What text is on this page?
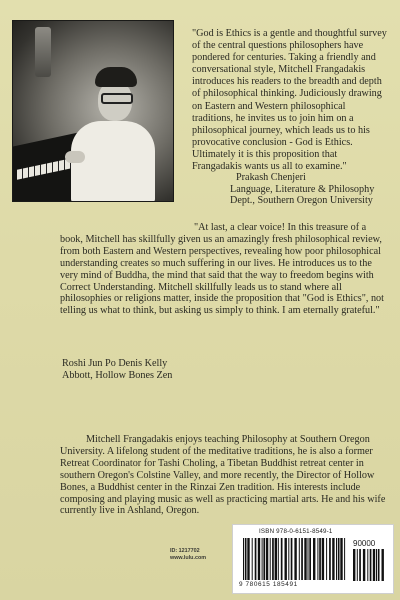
"God is Ethics is a gentle and thoughtful survey of the central questions philosophers have pondered for centuries. Taking a friendly and conversational style, Mitchell Frangadakis introduces his readers to the breadth and depth of philosophical thinking. Judiciously drawing on Eastern and Western philosophical traditions, he invites us to join him on a philosophical journey, which leads us to his provocative conclusion - God is Ethics. Ultimately it is this proposition that Frangadakis wants us all to examine."

Prakash Chenjeri
Language, Literature & Philosophy
Dept., Southern Oregon University

"At last, a clear voice! In this treasure of a book, Mitchell has skillfully given us an amazingly fresh philosophical review, from both Eastern and Western perspectives, revealing how poor philosophical understanding creates so much suffering in our lives. He introduces us to the very mind of Buddha, the mind that said that the way to freedom begins with Correct Understanding. Mitchell skillfully leads us to stand where all philosophies or religions matter, inside the proposition that "God is Ethics", not telling us what to think, but asking us simply to think. I am eternally grateful."

Roshi Jun Po Denis Kelly
Abbott, Hollow Bones Zen

Mitchell Frangadakis enjoys teaching Philosophy at Southern Oregon University. A lifelong student of the meditative traditions, he is also a former Retreat Coordinator for Tashi Choling, a Tibetan Buddhist retreat center in southern Oregon's Colstine Valley, and more recently, the Director of Hollow Bones, a Buddhist center in the Rinzai Zen tradition. His interests include composing and playing music as well as practicing martial arts. He and his wife currently live in Ashland, Oregon.

ID: 1217702
www.lulu.com
ISBN 978-0-6151-8549-1
90000
9 780615 185491
